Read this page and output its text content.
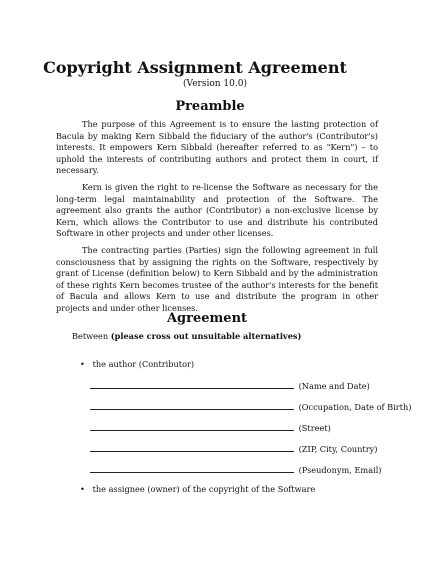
Copyright Assignment Agreement

(Version 10.0)

Preamble

The purpose of this Agreement is to ensure the lasting protection of Bacula by making Kern Sibbald the fiduciary of the author's (Contributor's) interests. It empowers Kern Sibbald (hereafter referred to as "Kern") – to uphold the interests of contributing authors and protect them in court, if necessary.

Kern is given the right to re-license the Software as necessary for the long-term legal maintainability and protection of the Software. The agreement also grants the author (Contributor) a non-exclusive license by Kern, which allows the Contributor to use and distribute his contributed Software in other projects and under other licenses.

The contracting parties (Parties) sign the following agreement in full consciousness that by assigning the rights on the Software, respectively by grant of License (definition below) to Kern Sibbald and by the administration of these rights Kern becomes trustee of the author's interests for the benefit of Bacula and allows Kern to use and distribute the program in other projects and under other licenses.

Agreement
Between (please cross out unsuitable alternatives)
• the author (Contributor)
(Name and Date)
(Occupation, Date of Birth)
(Street)
(ZIP, City, Country)
(Pseudonym, Email)
• the assignee (owner) of the copyright of the Software
